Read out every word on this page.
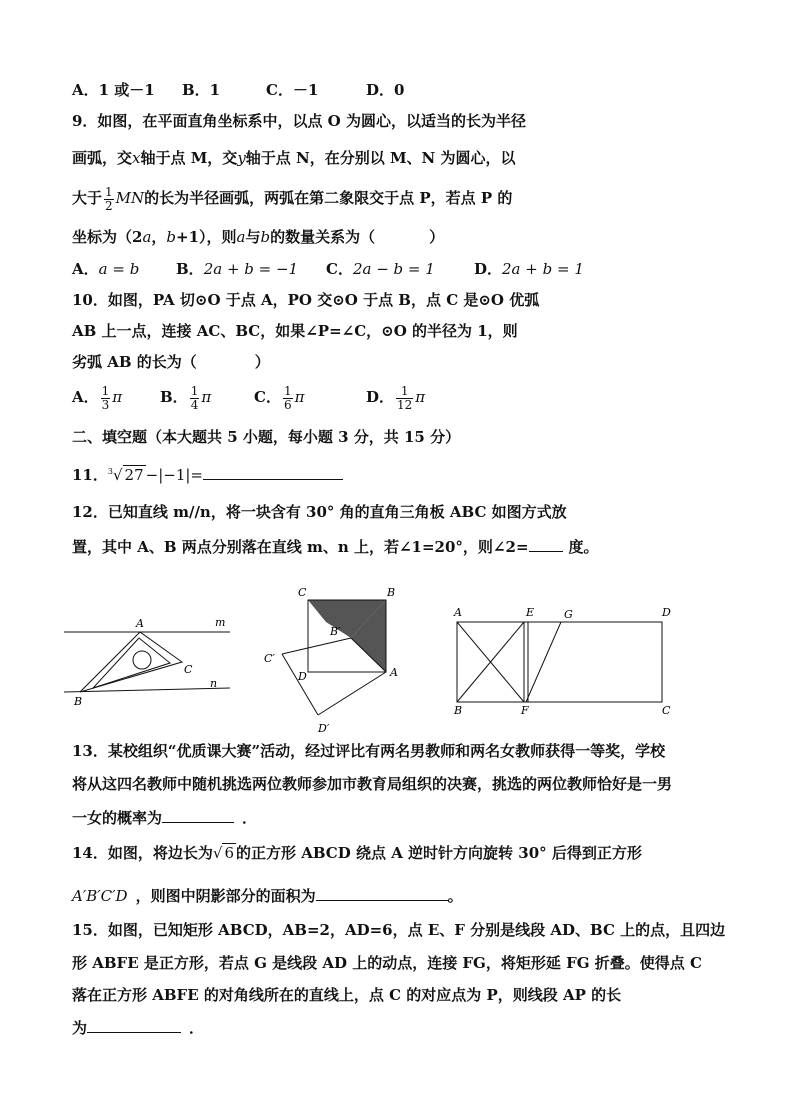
A．1 或－1 B．1	C．－1	D．0
9．如图，在平面直角坐标系中，以点 O 为圆心，以适当的长为半径
画弧，交x轴于点 M，交y轴于点 N，在分别以 M、N 为圆心，以
大于 $\frac{1}{2}$ MN的长为半径画弧，两弧在第二象限交于点 P，若点 P 的
坐标为（2a，b+1），则a与b的数量关系为（	）
A．a = b B．2a + b = −1 C．2a − b = 1	D．2a + b = 1
10．如图，PA 切⊙O 于点 A，PO 交⊙O 于点 B，点 C 是⊙O 优弧
AB 上一点，连接 AC、BC，如果∠P=∠C，⊙O 的半径为 1，则
劣弧 AB 的长为（	）
A． $\frac{1}{3}$ π	B． $\frac{1}{4}$ π	C． $\frac{1}{6}$ π	D． $\frac{1}{12}$ π
二、填空题（本大题共 5 小题，每小题 3 分，共 15 分）
11．$^3$√ 27 −|−1|=
12．已知直线 m//n，将一块含有 30° 角的直角三角板 ABC 如图方式放
置，其中 A、B 两点分别落在直线 m、n 上，若∠1=20°，则∠2=	度。
A
B
C
m
n
C	B
B′
C′
D	A
D′
A	E	G	D
B	F	C
13．某校组织“优质课大赛”活动，经过评比有两名男教师和两名女教师获得一等奖，学校
将从这四名教师中随机挑选两位教师参加市教育局组织的决赛，挑选的两位教师恰好是一男
一女的概率为	．
14．如图，将边长为√ 6 的正方形 ABCD 绕点 A 逆时针方向旋转 30° 后得到正方形
A′B′C′D ，则图中阴影部分的面积为	。
15．如图，已知矩形 ABCD，AB=2，AD=6，点 E、F 分别是线段 AD、BC 上的点，且四边
形 ABFE 是正方形，若点 G 是线段 AD 上的动点，连接 FG，将矩形延 FG 折叠。使得点 C
落在正方形 ABFE 的对角线所在的直线上，点 C 的对应点为 P，则线段 AP 的长
为	．
